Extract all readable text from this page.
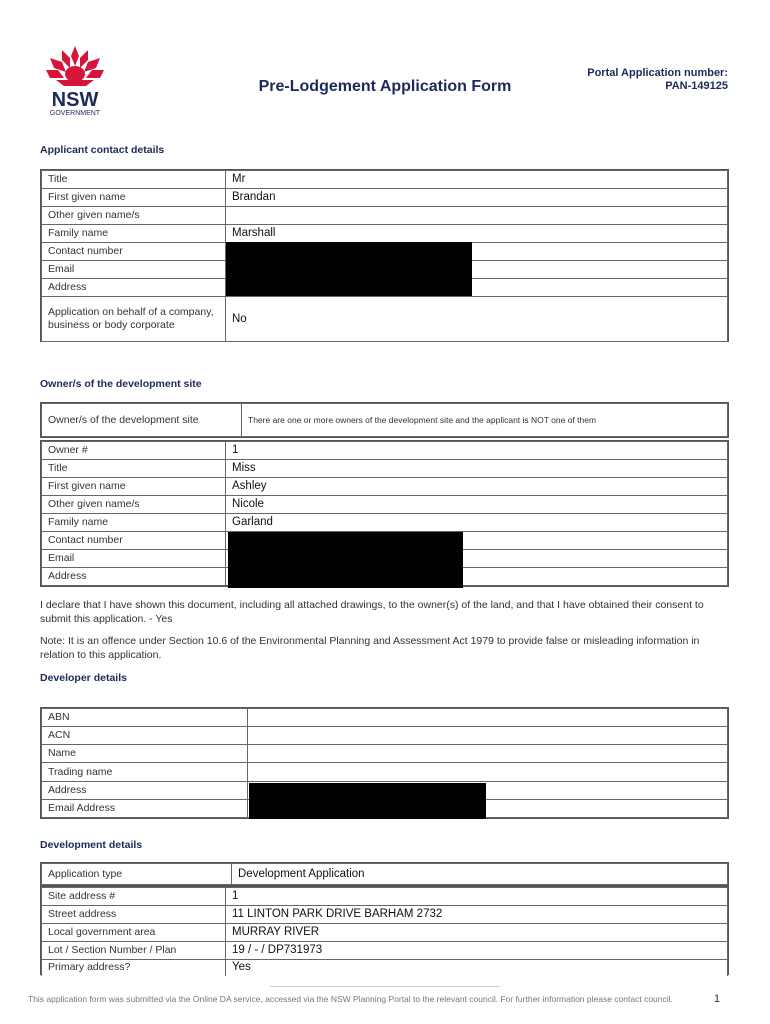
NSW
GOVERNMENT
Pre-Lodgement Application Form
Portal Application number:
PAN-149125
Applicant contact details
Title	Mr
First given name	Brandan
Other given name/s	
Family name	Marshall
Contact number	
Email	
Address	
Application on behalf of a company, business or body corporate	No
Owner/s of the development site
Owner/s of the development site	There are one or more owners of the development site and the applicant is NOT one of them
Owner #	1
Title	Miss
First given name	Ashley
Other given name/s	Nicole
Family name	Garland
Contact number	
Email	
Address	
I declare that I have shown this document, including all attached drawings, to the owner(s) of the land, and that I have obtained their consent to submit this application. - Yes
Note: It is an offence under Section 10.6 of the Environmental Planning and Assessment Act 1979 to provide false or misleading information in relation to this application.
Developer details
ABN	
ACN	
Name	
Trading name	
Address	
Email Address	
Development details
Application type	Development Application
Site address #	1
Street address	11 LINTON PARK DRIVE BARHAM 2732
Local government area	MURRAY RIVER
Lot / Section Number / Plan	19 / - / DP731973
Primary address?	Yes
This application form was submitted via the Online DA service, accessed via the NSW Planning Portal to the relevant council. For further information please contact council.	1
